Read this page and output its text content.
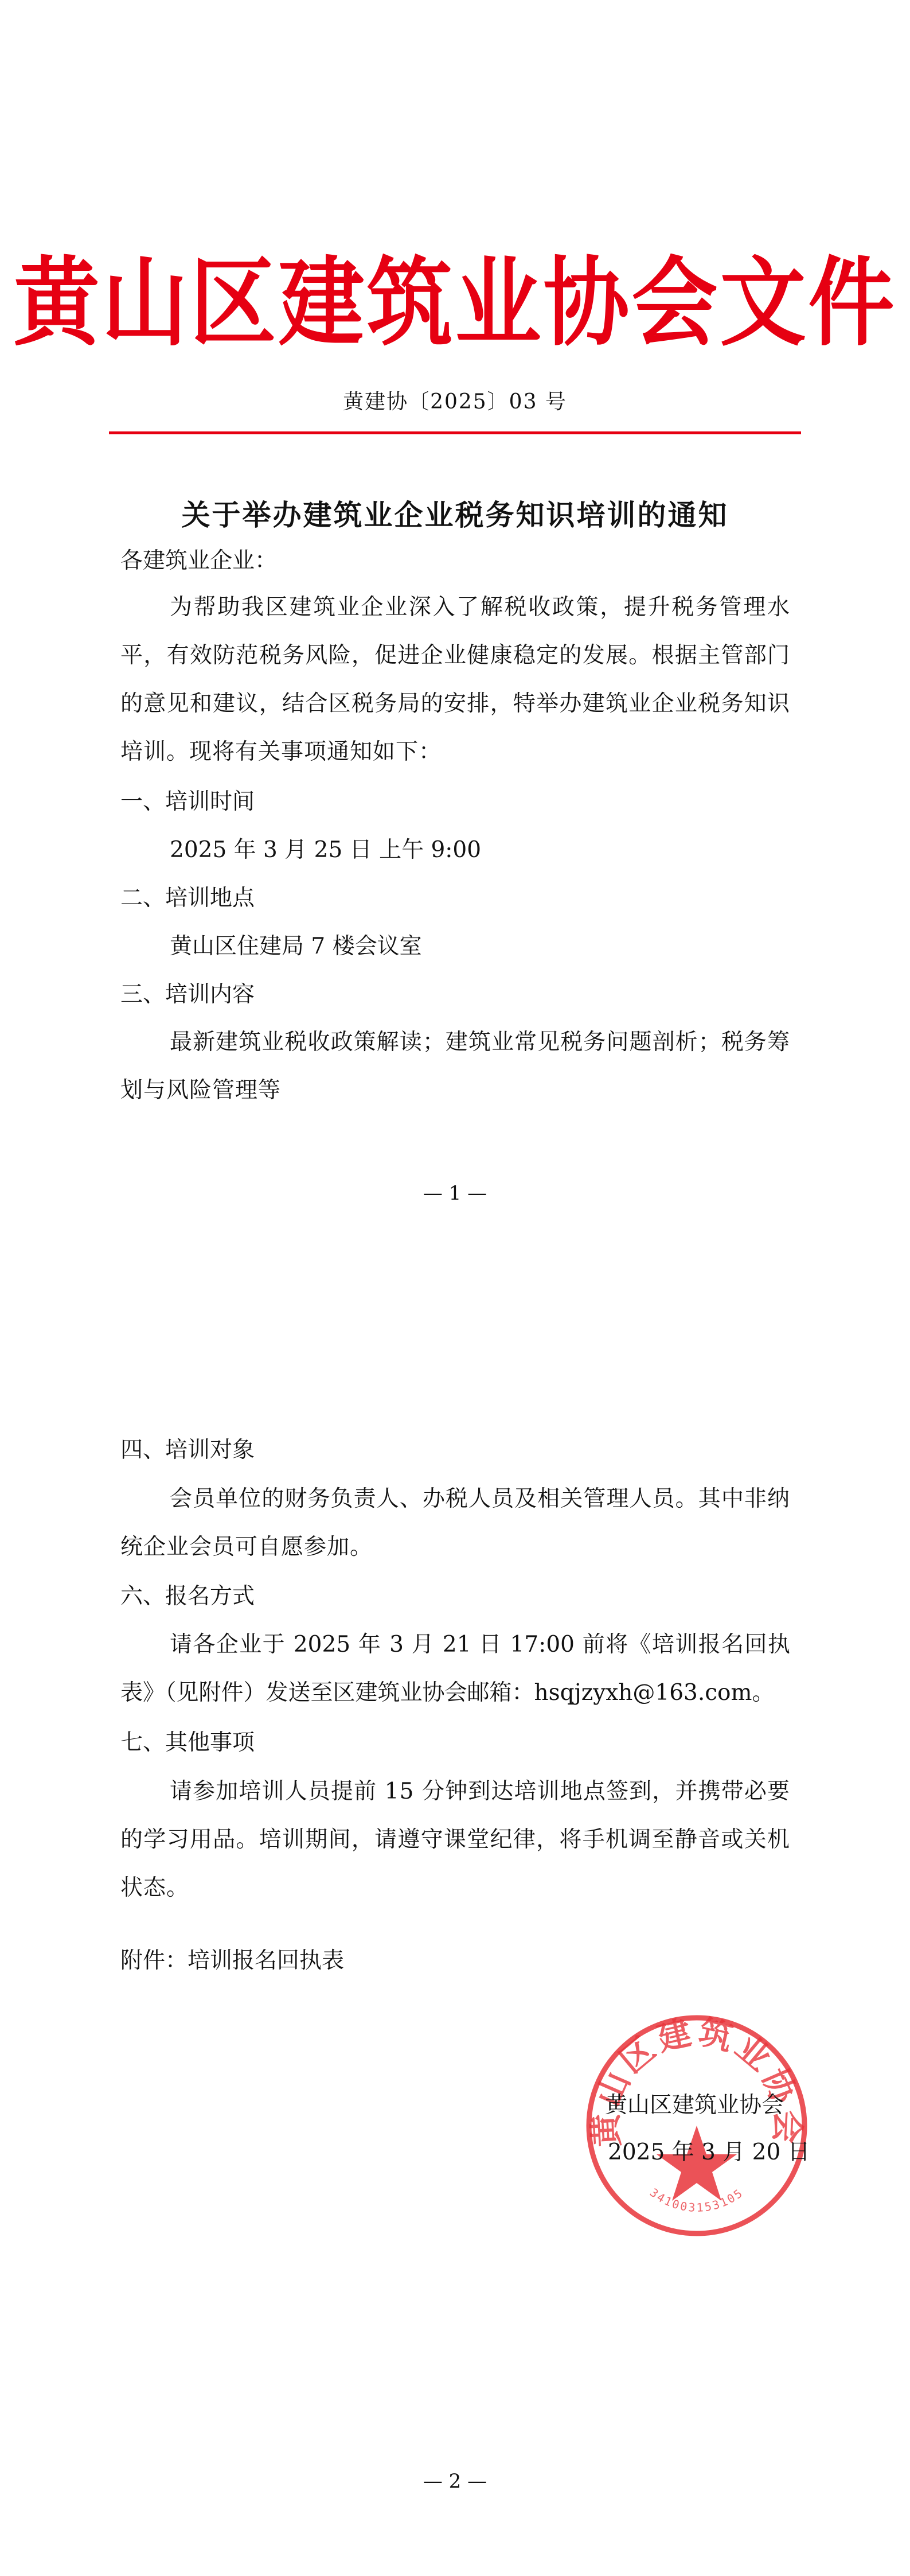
黄山区建筑业协会文件
黄建协〔2025〕03 号
关于举办建筑业企业税务知识培训的通知
各建筑业企业：
为帮助我区建筑业企业深入了解税收政策，提升税务管理水平，有效防范税务风险，促进企业健康稳定的发展。根据主管部门的意见和建议，结合区税务局的安排，特举办建筑业企业税务知识培训。现将有关事项通知如下：
一、培训时间
2025 年 3 月 25 日 上午 9:00
二、培训地点
黄山区住建局 7 楼会议室
三、培训内容
最新建筑业税收政策解读；建筑业常见税务问题剖析；税务筹划与风险管理等
— 1 —
四、培训对象
会员单位的财务负责人、办税人员及相关管理人员。其中非纳统企业会员可自愿参加。
六、报名方式
请各企业于 2025 年 3 月 21 日 17:00 前将《培训报名回执表》（见附件）发送至区建筑业协会邮箱：hsqjzyxh@163.com。
七、其他事项
请参加培训人员提前 15 分钟到达培训地点签到，并携带必要的学习用品。培训期间，请遵守课堂纪律，将手机调至静音或关机状态。
附件：培训报名回执表
黄山区建筑业协会
341003153105
黄山区建筑业协会
2025 年 3 月 20 日
— 2 —
